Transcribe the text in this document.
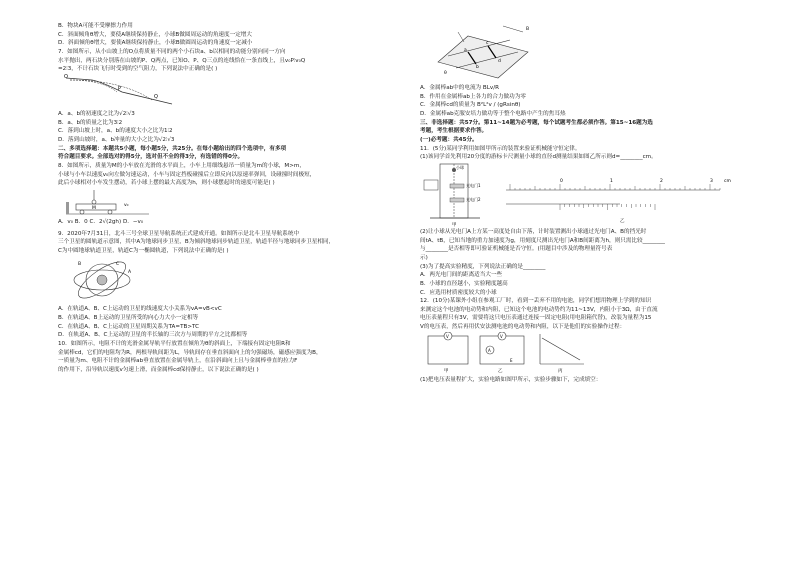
B．物块A可能不受摩擦力作用
C．斜面倾角θ增大，要使A继续保持静止，小球B做圆周运动的角速度一定增大
D．斜面倾角θ增大，要使A继续保持静止，小球B做圆周运动的角速度一定减小
7．如图所示，从小山坡上的O点将质量不同的两个小石块a、b以相同的动能分别向同一方向
水平抛出，两石块分别落在山坡的P、Q两点，已知O、P、Q三点的连线恰在一条直线上，且v₀P∶v₀Q
=2∶3，不计石块飞行时受到的空气阻力，下列说法中正确的是( )
O
P
Q
A．a、b的初速度之比为√2∶√3
B．a、b的质量之比为3∶2
C．落到山坡上时，a、b的速度大小之比为1∶2
D．落到山坡时，a、b冲量的大小之比为√2∶√3
二、多项选择题：本题共5小题，每小题5分，共25分。在每小题给出的四个选项中，有多项
符合题目要求。全部选对的得5分，选对但不全的得3分，有选错的得0分。
8．如图所示，质量为M的小车放在光滑的水平面上，小车上用细线悬吊一质量为m的小球，M>m，
小球与小车以速度v₀向左做匀速运动，小车与固定挡板碰撞后立即反向以原速率弹回，设碰撞时间极短，
此后小球相对小车发生摆动，若小球上摆的最大高度为h，则小球摆起时的速度可能是( )
M
v₀
A．v₀ B．0 C．2√(2gh) D．−v₀
9．2020年7月31日，北斗三号全球卫星导航系统正式建成开通。如图所示是北斗卫星导航系统中
三个卫星的圆轨道示意图，其中A为地球同步卫星，B为倾斜地球同步轨道卫星，轨道半径与地球同步卫星相同，
C为中圆地球轨道卫星，轨道C为一椭圆轨道，下列说法中正确的是( )
A
B	C
A．在轨道A、B、C上运动的卫星的线速度大小关系为vA=vB<vC
B．在轨道A、B上运动的卫星所受的向心力大小一定相等
C．在轨道A、B、C上运动的卫星周期关系为TA=TB>TC
D．在轨道A、B、C上运动的卫星的半长轴的三次方与周期的平方之比都相等
10．如图所示，电阻不计的光滑金属导轨平行放置在倾角为θ的斜面上，下端接有固定电阻R和
金属棒cd，它们的电阻均为R，两根导轨间距为L，导轨间存在垂直斜面向上的匀强磁场，磁感应强度为B，
一质量为m、电阻不计的金属棒ab垂直放置在金属导轨上，在沿斜面向上且与金属棒垂直的拉力F
的作用下，沿导轨以速度v匀速上滑，而金属棒cd保持静止，以下说法正确的是( )
a
b
c
d
θ
B
A．金属棒ab中的电流为 BLv/R
B．作用在金属棒ab上各力的合力做功为零
C．金属棒cd的质量为 B²L²v / (gRsinθ)
D．金属棒ab克服安培力做功等于整个电路中产生的焦耳热
三、非选择题：共57分。第11~14题为必考题，每个试题考生都必须作答。第15~16题为选
考题，考生根据要求作答。
(一)必考题：共45分。
11．(5分)某同学利用如图甲所示的装置来验证机械能守恒定律。
(1)该同学首先利用20分度的游标卡尺测量小球的直径d测量结果如图乙所示则d=________cm。
小球
光电门1
光电门2
甲
0	1	2	3 cm
乙
(2)让小球从光电门A上方某一高度处自由下落，计时装置测出小球通过光电门A、B的挡光时
间tA、tB，已知当地的重力加速度为g，用刻度尺测出光电门A和B间距离为h，则只需比较________
与________是否相等即可验证机械能是否守恒。(用题目中涉及的物理量符号表
示)
(3)为了提高实验精度，下列说法正确的是________
A．两光电门间的距离适当大一些
B．小球的直径越小，实验精度越高
C．应选用材质密度较大的小球
12．(10分)某课外小组在参观工厂时，看到一丢弃不用的电池，同学们想用物理上学到的知识
来测定这个电池的电动势和内阻，已知这个电池的电动势约为11~13V，内阻小于3Ω，由于直流
电压表量程只有3V，需要将这只电压表通过连接一固定电阻(用电阻箱代替)，改装为量程为15
V的电压表，然后再用伏安法测电池的电动势和内阻，以下是他们的实验操作过程：
V	V
A
E
甲	乙	丙
(1)把电压表量程扩大，实验电路如图甲所示，实验步骤如下，完成填空：
